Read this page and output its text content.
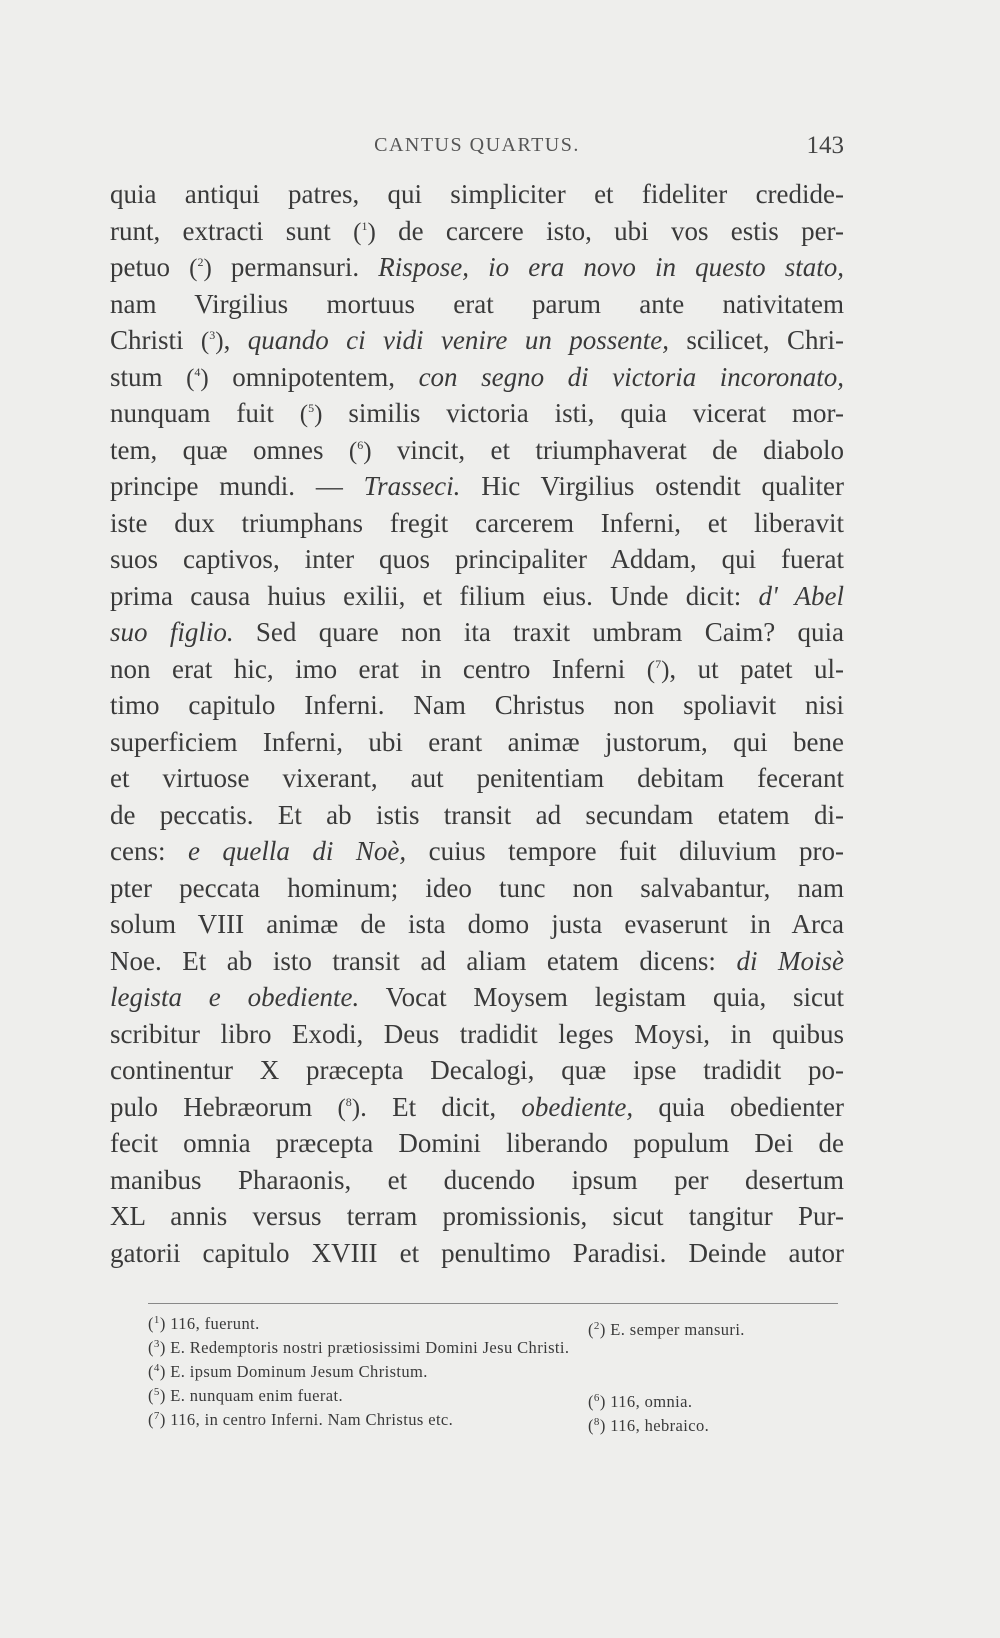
CANTUS QUARTUS.	143
quia antiqui patres, qui simpliciter et fideliter credide-
runt, extracti sunt ($^1$) de carcere isto, ubi vos estis per-
petuo ($^2$) permansuri. Rispose, io era novo in questo stato,
nam Virgilius mortuus erat parum ante nativitatem
Christi ($^3$), quando ci vidi venire un possente, scilicet, Chri-
stum ($^4$) omnipotentem, con segno di victoria incoronato,
nunquam fuit ($^5$) similis victoria isti, quia vicerat mor-
tem, quæ omnes ($^6$) vincit, et triumphaverat de diabolo
principe mundi. — Trasseci. Hic Virgilius ostendit qualiter
iste dux triumphans fregit carcerem Inferni, et liberavit
suos captivos, inter quos principaliter Addam, qui fuerat
prima causa huius exilii, et filium eius. Unde dicit: d' Abel
suo figlio. Sed quare non ita traxit umbram Caim? quia
non erat hic, imo erat in centro Inferni ($^7$), ut patet ul-
timo capitulo Inferni. Nam Christus non spoliavit nisi
superficiem Inferni, ubi erant animæ justorum, qui bene
et virtuose vixerant, aut penitentiam debitam fecerant
de peccatis. Et ab istis transit ad secundam etatem di-
cens: e quella di Noè, cuius tempore fuit diluvium pro-
pter peccata hominum; ideo tunc non salvabantur, nam
solum VIII animæ de ista domo justa evaserunt in Arca
Noe. Et ab isto transit ad aliam etatem dicens: di Moisè
legista e obediente. Vocat Moysem legistam quia, sicut
scribitur libro Exodi, Deus tradidit leges Moysi, in quibus
continentur X præcepta Decalogi, quæ ipse tradidit po-
pulo Hebræorum ($^8$). Et dicit, obediente, quia obedienter
fecit omnia præcepta Domini liberando populum Dei de
manibus Pharaonis, et ducendo ipsum per desertum
XL annis versus terram promissionis, sicut tangitur Pur-
gatorii capitulo XVIII et penultimo Paradisi. Deinde autor
($^1$) 116, fuerunt.	($^2$) E. semper mansuri.
($^3$) E. Redemptoris nostri prætiosissimi Domini Jesu Christi.
($^4$) E. ipsum Dominum Jesum Christum.
($^5$) E. nunquam enim fuerat.	($^6$) 116, omnia.
($^7$) 116, in centro Inferni. Nam Christus etc.	($^8$) 116, hebraico.
